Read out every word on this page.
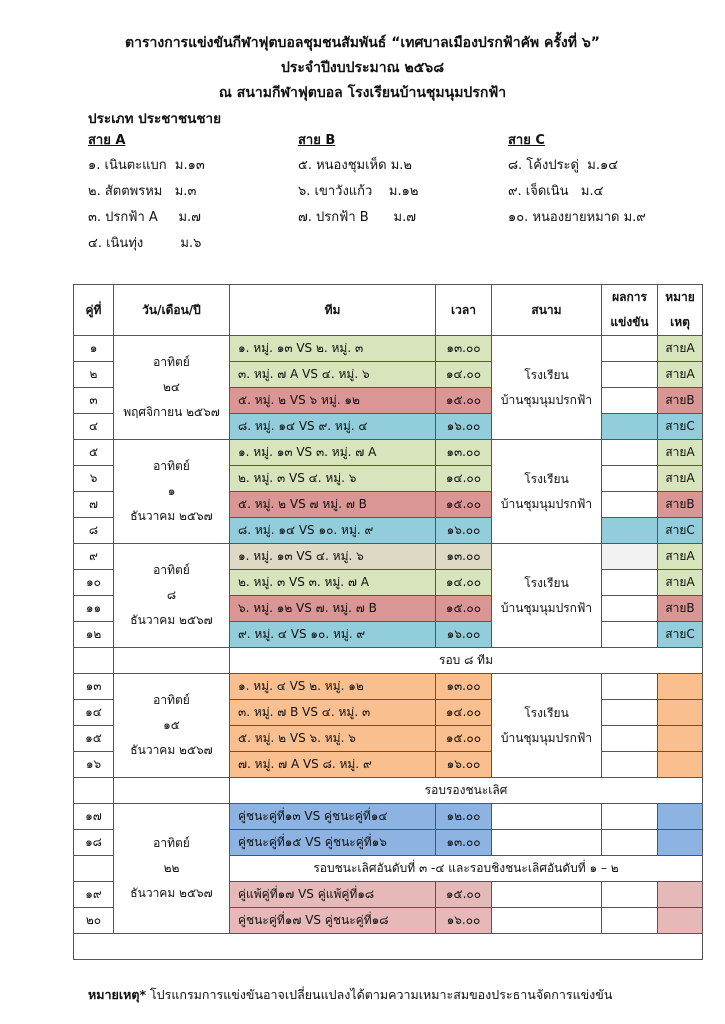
ตารางการแข่งขันกีฬาฟุตบอลชุมชนสัมพันธ์ “เทศบาลเมืองปรกฟ้าคัพ ครั้งที่ ๖”
ประจำปีงบประมาณ ๒๕๖๘
ณ สนามกีฬาฟุตบอล โรงเรียนบ้านชุมนุมปรกฟ้า
ประเภท ประชาชนชาย
สาย A
๑. เนินตะแบก  ม.๑๓
๒. สัตตพรหม   ม.๓
๓. ปรกฟ้า A     ม.๗
๔. เนินทุ่ง         ม.๖
สาย B
๕. หนองชุมเห็ด ม.๒
๖. เขาวังแก้ว    ม.๑๒
๗. ปรกฟ้า B      ม.๗
สาย C
๘. โค้งประดู่  ม.๑๔
๙. เจ็ดเนิน   ม.๔
๑๐. หนองยายหมาด ม.๙
คู่ที่	วัน/เดือน/ปี	ทีม	เวลา	สนาม	ผลการ
แข่งขัน	หมาย
เหตุ
๑	อาทิตย์
๒๔
พฤศจิกายน ๒๕๖๗	๑. หมู่. ๑๓ VS ๒. หมู่. ๓	๑๓.๐๐	โรงเรียน
บ้านชุมนุมปรกฟ้า		สายA
๒		๓. หมู่. ๗ A VS ๔. หมู่. ๖	๑๔.๐๐			สายA
๓		๕. หมู่. ๒ VS ๖ หมู่. ๑๒	๑๕.๐๐			สายB
๔		๘. หมู่. ๑๔ VS ๙. หมู่. ๔	๑๖.๐๐			สายC
๕	อาทิตย์
๑
ธันวาคม ๒๕๖๗	๑. หมู่. ๑๓ VS ๓. หมู่. ๗ A	๑๓.๐๐	โรงเรียน
บ้านชุมนุมปรกฟ้า		สายA
๖		๒. หมู่. ๓ VS ๔. หมู่. ๖	๑๔.๐๐			สายA
๗		๕. หมู่. ๒ VS ๗ หมู่. ๗ B	๑๕.๐๐			สายB
๘		๘. หมู่. ๑๔ VS ๑๐. หมู่. ๙	๑๖.๐๐			สายC
๙	อาทิตย์
๘
ธันวาคม ๒๕๖๗	๑. หมู่. ๑๓ VS ๔. หมู่. ๖	๑๓.๐๐	โรงเรียน
บ้านชุมนุมปรกฟ้า		สายA
๑๐		๒. หมู่. ๓ VS ๓. หมู่. ๗ A	๑๔.๐๐			สายA
๑๑		๖. หมู่. ๑๒ VS ๗. หมู่. ๗ B	๑๕.๐๐			สายB
๑๒		๙. หมู่. ๔ VS ๑๐. หมู่. ๙	๑๖.๐๐			สายC
		รอบ ๘ ทีม				
๑๓	อาทิตย์
๑๕
ธันวาคม ๒๕๖๗	๑. หมู่. ๔ VS ๒. หมู่. ๑๒	๑๓.๐๐	โรงเรียน
บ้านชุมนุมปรกฟ้า		
๑๔		๓. หมู่. ๗ B VS ๔. หมู่. ๓	๑๔.๐๐			
๑๕		๕. หมู่. ๒ VS ๖. หมู่. ๖	๑๕.๐๐			
๑๖		๗. หมู่. ๗ A VS ๘. หมู่. ๙	๑๖.๐๐			
		รอบรองชนะเลิศ				
๑๗	อาทิตย์
๒๒
ธันวาคม ๒๕๖๗	คู่ชนะคู่ที่๑๓ VS คู่ชนะคู่ที่๑๔	๑๒.๐๐			
๑๘		คู่ชนะคู่ที่๑๕ VS คู่ชนะคู่ที่๑๖	๑๓.๐๐			
		รอบชนะเลิศอันดับที่ ๓ -๔ และรอบชิงชนะเลิศอันดับที่ ๑ – ๒				
๑๙		คู่แพ้คู่ที่๑๗ VS คู่แพ้คู่ที่๑๘	๑๕.๐๐			
๒๐		คู่ชนะคู่ที่๑๗ VS คู่ชนะคู่ที่๑๘	๑๖.๐๐			

หมายเหตุ* โปรแกรมการแข่งขันอาจเปลี่ยนแปลงได้ตามความเหมาะสมของประธานจัดการแข่งขัน
